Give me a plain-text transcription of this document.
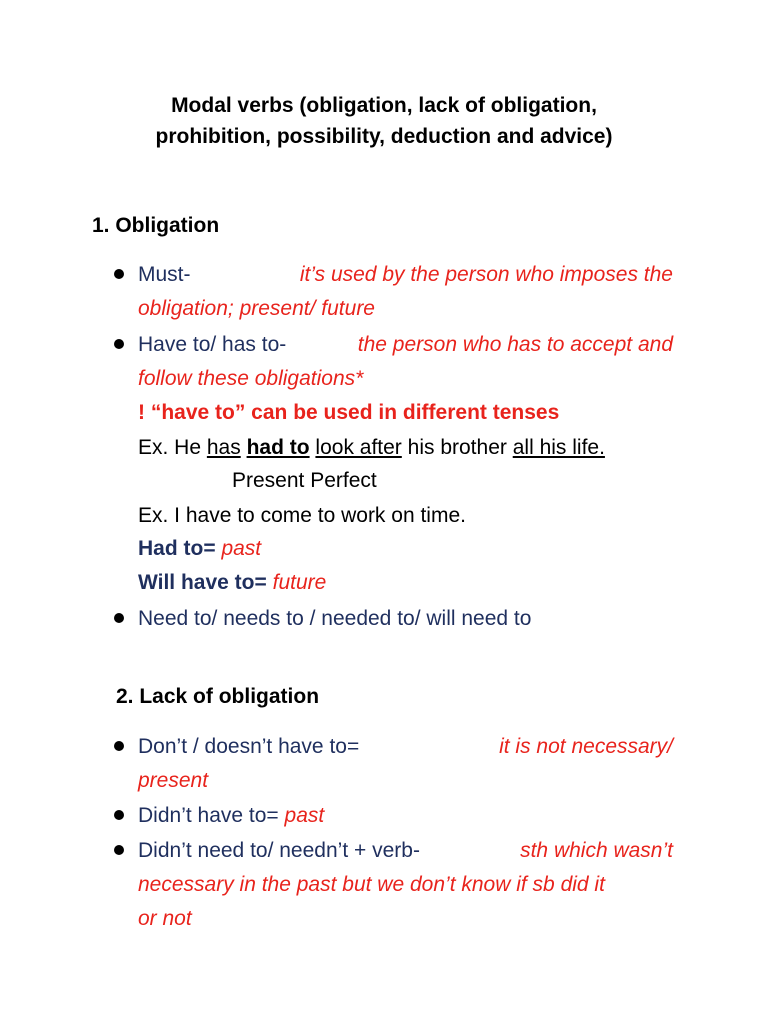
Modal verbs (obligation, lack of obligation,
prohibition, possibility, deduction and advice)
1. Obligation
Must-	it’s used by the person who imposes the
obligation; present/ future
Have to/ has to-	the person who has to accept and
follow these obligations*
! “have to” can be used in different tenses
Ex. He has had to look after his brother all his life.
Present Perfect
Ex. I have to come to work on time.
Had to= past
Will have to= future
Need to/ needs to / needed to/ will need to
2. Lack of obligation
Don’t / doesn’t have to=	it is not necessary/
present
Didn’t have to= past
Didn’t need to/ needn’t + verb-	sth which wasn’t
necessary in the past but we don’t know if sb did it
or not
